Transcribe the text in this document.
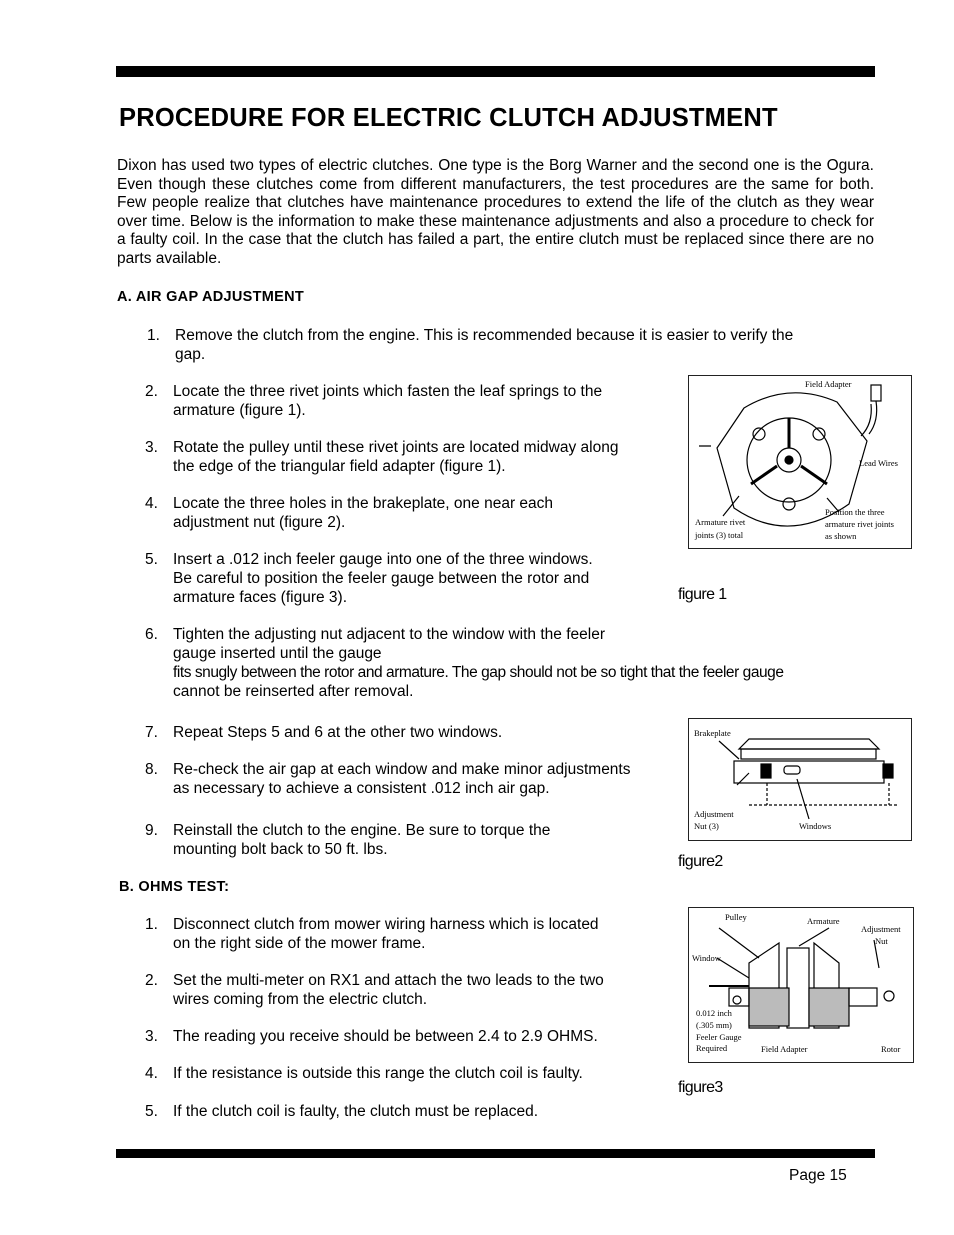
PROCEDURE FOR ELECTRIC CLUTCH ADJUSTMENT

Dixon has used two types of electric clutches. One type is the Borg Warner and the second one is the Ogura. Even though these clutches come from different manufacturers, the test procedures are the same for both. Few people realize that clutches have maintenance procedures to extend the life of the clutch as they wear over time. Below is the information to make these maintenance adjustments and also a procedure to check for a faulty coil. In the case that the clutch has failed a part, the entire clutch must be replaced since there are no parts available.

A. AIR GAP ADJUSTMENT
1. Remove the clutch from the engine. This is recommended because it is easier to verify the
gap.
2. Locate the three rivet joints which fasten the leaf springs to the
armature (figure 1).
3. Rotate the pulley until these rivet joints are located midway along
the edge of the triangular field adapter (figure 1).
4. Locate the three holes in the brakeplate, one near each
adjustment nut (figure 2).
5. Insert a .012 inch feeler gauge into one of the three windows.
Be careful to position the feeler gauge between the rotor and
armature faces (figure 3).
6. Tighten the adjusting nut adjacent to the window with the feeler
gauge inserted until the gauge
fits snugly between the rotor and armature. The gap should not be so tight that the feeler gauge
cannot be reinserted after removal.
7. Repeat Steps 5 and 6 at the other two windows.
8. Re-check the air gap at each window and make minor adjustments
as necessary to achieve a consistent .012 inch air gap.
9. Reinstall the clutch to the engine. Be sure to torque the
mounting bolt back to 50 ft. lbs.
B. OHMS TEST:
1. Disconnect clutch from mower wiring harness which is located
on the right side of the mower frame.
2. Set the multi-meter on RX1 and attach the two leads to the two
wires coming from the electric clutch.
3. The reading you receive should be between 2.4 to 2.9 OHMS.
4. If the resistance is outside this range the clutch coil is faulty.
5. If the clutch coil is faulty, the clutch must be replaced.
Field Adapter
Lead Wires
Armature rivet
joints (3) total
Position the three
armature rivet joints
as shown
figure 1
Brakeplate
Adjustment
Nut (3)	Windows
figure2
Pulley	Armature
Adjustment
Nut
Window
0.012 inch
(.305 mm)
Feeler Gauge
Required	Field Adapter	Rotor
figure3
Page 15
